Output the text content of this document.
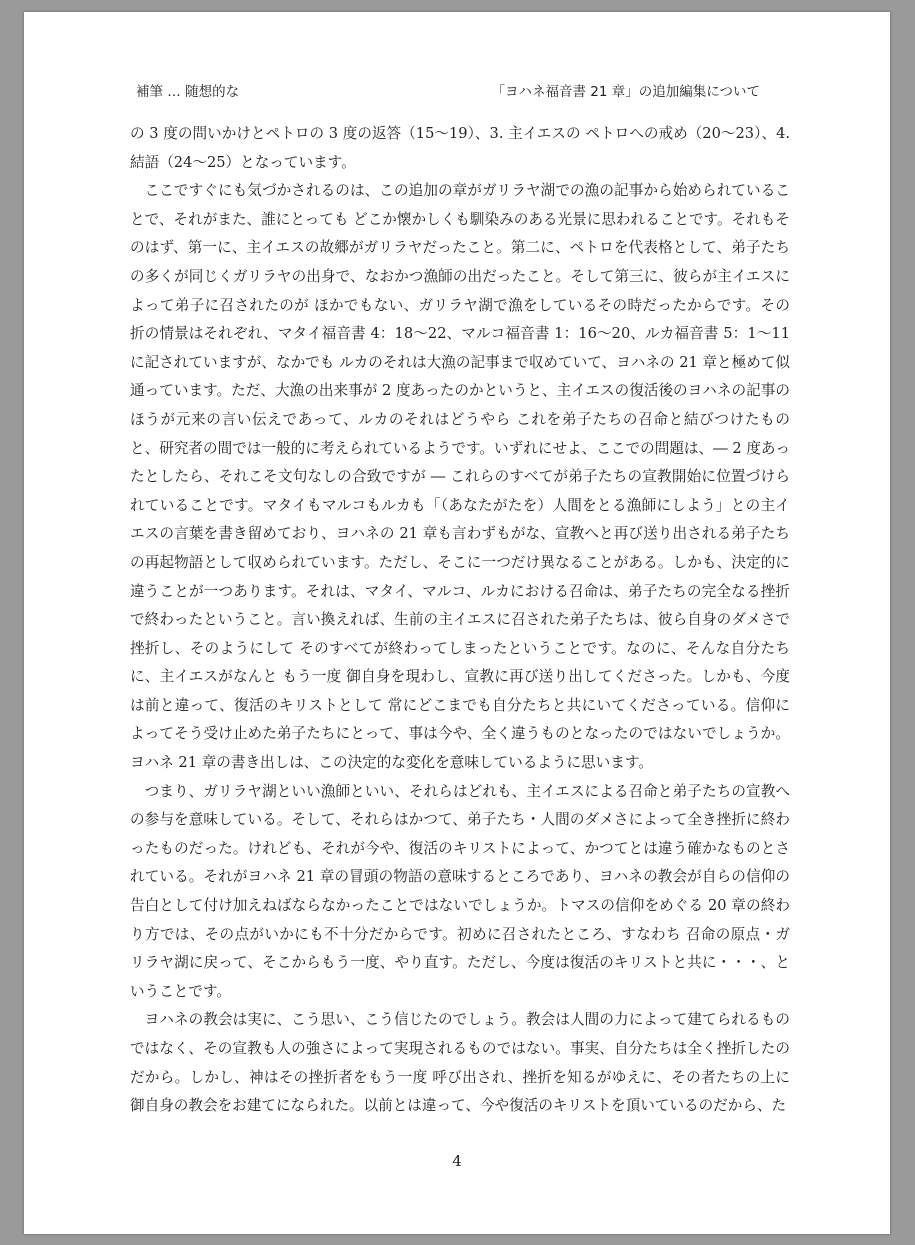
補筆 … 随想的な	「ヨハネ福音書 21 章」の追加編集について

の 3 度の問いかけとペトロの 3 度の返答（15〜19）、3. 主イエスの ペトロへの戒め（20〜23）、4. 結語（24〜25）となっています。

ここですぐにも気づかされるのは、この追加の章がガリラヤ湖での漁の記事から始められていることで、それがまた、誰にとっても どこか懐かしくも馴染みのある光景に思われることです。それもそのはず、第一に、主イエスの故郷がガリラヤだったこと。第二に、ペトロを代表格として、弟子たちの多くが同じくガリラヤの出身で、なおかつ漁師の出だったこと。そして第三に、彼らが主イエスによって弟子に召されたのが ほかでもない、ガリラヤ湖で漁をしているその時だったからです。その折の情景はそれぞれ、マタイ福音書 4：18〜22、マルコ福音書 1：16〜20、ルカ福音書 5：1〜11 に記されていますが、なかでも ルカのそれは大漁の記事まで収めていて、ヨハネの 21 章と極めて似通っています。ただ、大漁の出来事が 2 度あったのかというと、主イエスの復活後のヨハネの記事のほうが元来の言い伝えであって、ルカのそれはどうやら これを弟子たちの召命と結びつけたものと、研究者の間では一般的に考えられているようです。いずれにせよ、ここでの問題は、― 2 度あったとしたら、それこそ文句なしの合致ですが ― これらのすべてが弟子たちの宣教開始に位置づけられていることです。マタイもマルコもルカも「（あなたがたを）人間をとる漁師にしよう」との主イエスの言葉を書き留めており、ヨハネの 21 章も言わずもがな、宣教へと再び送り出される弟子たちの再起物語として収められています。ただし、そこに一つだけ異なることがある。しかも、決定的に違うことが一つあります。それは、マタイ、マルコ、ルカにおける召命は、弟子たちの完全なる挫折で終わったということ。言い換えれば、生前の主イエスに召された弟子たちは、彼ら自身のダメさで挫折し、そのようにして そのすべてが終わってしまったということです。なのに、そんな自分たちに、主イエスがなんと もう一度 御自身を現わし、宣教に再び送り出してくださった。しかも、今度は前と違って、復活のキリストとして 常にどこまでも自分たちと共にいてくださっている。信仰によってそう受け止めた弟子たちにとって、事は今や、全く違うものとなったのではないでしょうか。ヨハネ 21 章の書き出しは、この決定的な変化を意味しているように思います。

つまり、ガリラヤ湖といい漁師といい、それらはどれも、主イエスによる召命と弟子たちの宣教への参与を意味している。そして、それらはかつて、弟子たち・人間のダメさによって全き挫折に終わったものだった。けれども、それが今や、復活のキリストによって、かつてとは違う確かなものとされている。それがヨハネ 21 章の冒頭の物語の意味するところであり、ヨハネの教会が自らの信仰の告白として付け加えねばならなかったことではないでしょうか。トマスの信仰をめぐる 20 章の終わり方では、その点がいかにも不十分だからです。初めに召されたところ、すなわち 召命の原点・ガリラヤ湖に戻って、そこからもう一度、やり直す。ただし、今度は復活のキリストと共に・・・、ということです。

ヨハネの教会は実に、こう思い、こう信じたのでしょう。教会は人間の力によって建てられるものではなく、その宣教も人の強さによって実現されるものではない。事実、自分たちは全く挫折したのだから。しかし、神はその挫折者をもう一度 呼び出され、挫折を知るがゆえに、その者たちの上に御自身の教会をお建てになられた。以前とは違って、今や復活のキリストを頂いているのだから、た

4
